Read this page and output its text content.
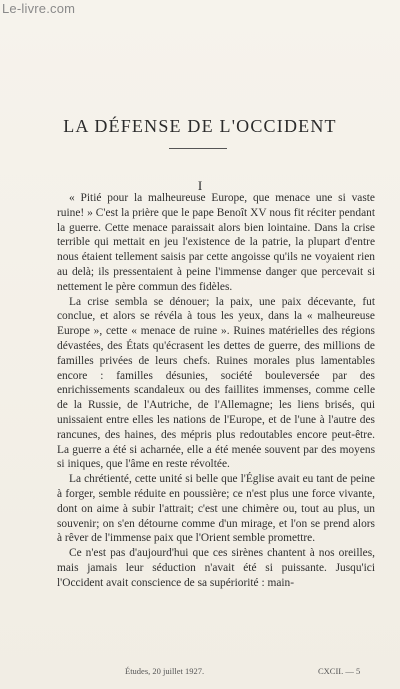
Le-livre.com
LA DÉFENSE DE L'OCCIDENT
I

« Pitié pour la malheureuse Europe, que menace une si vaste ruine! » C'est la prière que le pape Benoît XV nous fit réciter pendant la guerre. Cette menace paraissait alors bien lointaine. Dans la crise terrible qui mettait en jeu l'existence de la patrie, la plupart d'entre nous étaient tellement saisis par cette angoisse qu'ils ne voyaient rien au delà; ils pressentaient à peine l'immense danger que percevait si nettement le père commun des fidèles.

La crise sembla se dénouer; la paix, une paix décevante, fut conclue, et alors se révéla à tous les yeux, dans la « malheureuse Europe », cette « menace de ruine ». Ruines matérielles des régions dévastées, des États qu'écrasent les dettes de guerre, des millions de familles privées de leurs chefs. Ruines morales plus lamentables encore : familles désunies, société bouleversée par des enrichissements scandaleux ou des faillites immenses, comme celle de la Russie, de l'Autriche, de l'Allemagne; les liens brisés, qui unissaient entre elles les nations de l'Europe, et de l'une à l'autre des rancunes, des haines, des mépris plus redoutables encore peut-être. La guerre a été si acharnée, elle a été menée souvent par des moyens si iniques, que l'âme en reste révoltée.

La chrétienté, cette unité si belle que l'Église avait eu tant de peine à forger, semble réduite en poussière; ce n'est plus une force vivante, dont on aime à subir l'attrait; c'est une chimère ou, tout au plus, un souvenir; on s'en détourne comme d'un mirage, et l'on se prend alors à rêver de l'immense paix que l'Orient semble promettre.

Ce n'est pas d'aujourd'hui que ces sirènes chantent à nos oreilles, mais jamais leur séduction n'avait été si puissante. Jusqu'ici l'Occident avait conscience de sa supériorité : main-

Études, 20 juillet 1927.	CXCII. — 5
